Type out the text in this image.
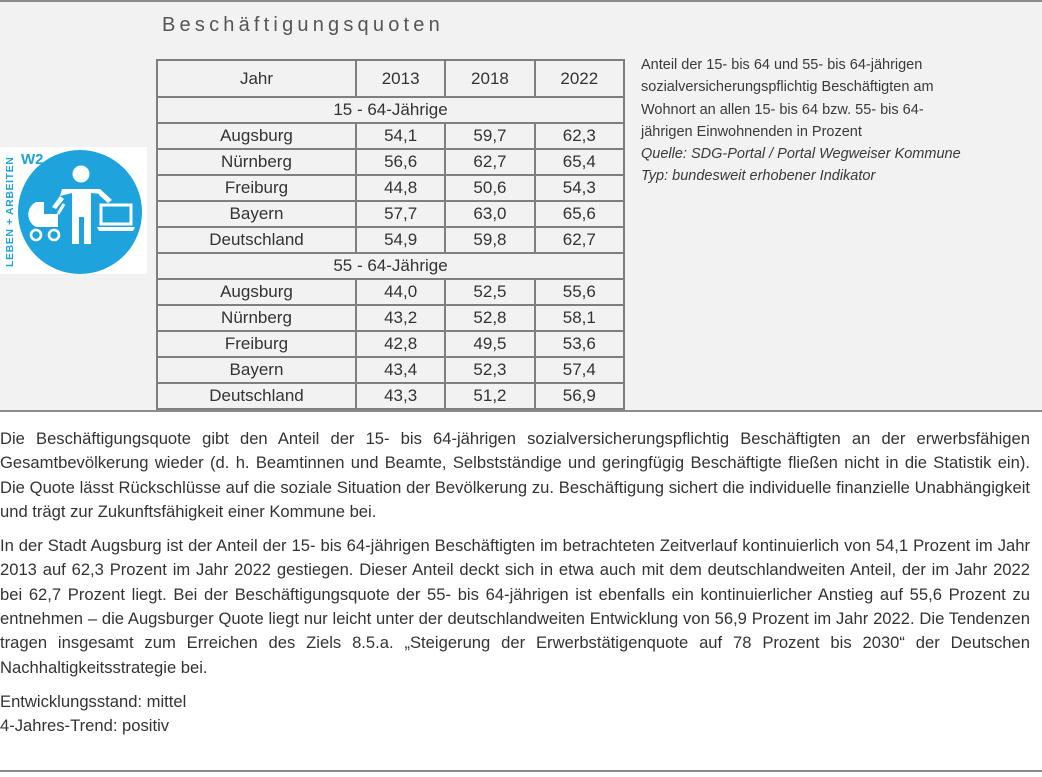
Beschäftigungsquoten
LEBEN + ARBEITEN W2
Jahr	2013	2018	2022
15 - 64-Jährige			
Augsburg	54,1	59,7	62,3
Nürnberg	56,6	62,7	65,4
Freiburg	44,8	50,6	54,3
Bayern	57,7	63,0	65,6
Deutschland	54,9	59,8	62,7
55 - 64-Jährige			
Augsburg	44,0	52,5	55,6
Nürnberg	43,2	52,8	58,1
Freiburg	42,8	49,5	53,6
Bayern	43,4	52,3	57,4
Deutschland	43,3	51,2	56,9
Anteil der 15- bis 64 und 55- bis 64-jährigen
sozialversicherungspflichtig Beschäftigten am
Wohnort an allen 15- bis 64 bzw. 55- bis 64-
jährigen Einwohnenden in Prozent
Quelle: SDG-Portal / Portal Wegweiser Kommune
Typ: bundesweit erhobener Indikator

Die Beschäftigungsquote gibt den Anteil der 15- bis 64-jährigen sozialversicherungspflichtig Beschäftigten an der erwerbsfähigen Gesamtbevölkerung wieder (d. h. Beamtinnen und Beamte, Selbstständige und geringfügig Beschäftigte fließen nicht in die Statistik ein). Die Quote lässt Rückschlüsse auf die soziale Situation der Bevölkerung zu. Beschäftigung sichert die individuelle finanzielle Unabhängigkeit und trägt zur Zukunftsfähigkeit einer Kommune bei.

In der Stadt Augsburg ist der Anteil der 15- bis 64-jährigen Beschäftigten im betrachteten Zeitverlauf kontinuierlich von 54,1 Prozent im Jahr 2013 auf 62,3 Prozent im Jahr 2022 gestiegen. Dieser Anteil deckt sich in etwa auch mit dem deutschlandweiten Anteil, der im Jahr 2022 bei 62,7 Prozent liegt. Bei der Beschäftigungsquote der 55- bis 64-jährigen ist ebenfalls ein kontinuierlicher Anstieg auf 55,6 Prozent zu entnehmen – die Augsburger Quote liegt nur leicht unter der deutschlandweiten Entwicklung von 56,9 Prozent im Jahr 2022. Die Tendenzen tragen insgesamt zum Erreichen des Ziels 8.5.a. „Steigerung der Erwerbstätigenquote auf 78 Prozent bis 2030“ der Deutschen Nachhaltigkeitsstrategie bei.

Entwicklungsstand: mittel

4-Jahres-Trend: positiv
